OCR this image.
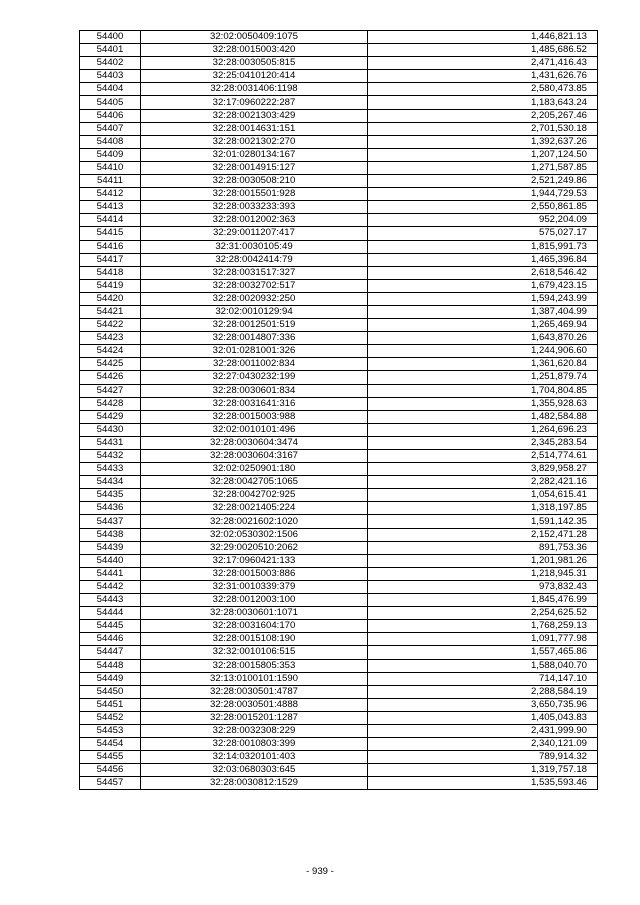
54400	32:02:0050409:1075	1,446,821.13
54401	32:28:0015003:420	1,485,686.52
54402	32:28:0030505:815	2,471,416.43
54403	32:25:0410120:414	1,431,626.76
54404	32:28:0031406:1198	2,580,473.85
54405	32:17:0960222:287	1,183,643.24
54406	32:28:0021303:429	2,205,267.46
54407	32:28:0014631:151	2,701,530.18
54408	32:28:0021302:270	1,392,637.26
54409	32:01:0280134:167	1,207,124.50
54410	32:28:0014915:127	1,271,587.85
54411	32:28:0030508:210	2,521,249.86
54412	32:28:0015501:928	1,944,729.53
54413	32:28:0033233:393	2,550,861.85
54414	32:28:0012002:363	952,204.09
54415	32:29:0011207:417	575,027.17
54416	32:31:0030105:49	1,815,991.73
54417	32:28:0042414:79	1,465,396.84
54418	32:28:0031517:327	2,618,546.42
54419	32:28:0032702:517	1,679,423.15
54420	32:28:0020932:250	1,594,243.99
54421	32:02:0010129:94	1,387,404.99
54422	32:28:0012501:519	1,265,469.94
54423	32:28:0014807:336	1,643,870.26
54424	32:01:0281001:326	1,244,906.60
54425	32:28:0011002:834	1,361,620.84
54426	32:27:0430232:199	1,251,879.74
54427	32:28:0030601:834	1,704,804.85
54428	32:28:0031641:316	1,355,928.63
54429	32:28:0015003:988	1,482,584.88
54430	32:02:0010101:496	1,264,696.23
54431	32:28:0030604:3474	2,345,283.54
54432	32:28:0030604:3167	2,514,774.61
54433	32:02:0250901:180	3,829,958.27
54434	32:28:0042705:1065	2,282,421.16
54435	32:28:0042702:925	1,054,615.41
54436	32:28:0021405:224	1,318,197.85
54437	32:28:0021602:1020	1,591,142.35
54438	32:02:0530302:1506	2,152,471.28
54439	32:29:0020510:2062	891,753.36
54440	32:17:0960421:133	1,201,981.26
54441	32:28:0015003:886	1,218,945.31
54442	32:31:0010339:379	973,832.43
54443	32:28:0012003:100	1,845,476.99
54444	32:28:0030601:1071	2,254,625.52
54445	32:28:0031604:170	1,768,259.13
54446	32:28:0015108:190	1,091,777.98
54447	32:32:0010106:515	1,557,465.86
54448	32:28:0015805:353	1,588,040.70
54449	32:13:0100101:1590	714,147.10
54450	32:28:0030501:4787	2,288,584.19
54451	32:28:0030501:4888	3,650,735.96
54452	32:28:0015201:1287	1,405,043.83
54453	32:28:0032308:229	2,431,999.90
54454	32:28:0010803:399	2,340,121.09
54455	32:14:0320101:403	789,914.32
54456	32:03:0680303:645	1,319,757.18
54457	32:28:0030812:1529	1,535,593.46
- 939 -
